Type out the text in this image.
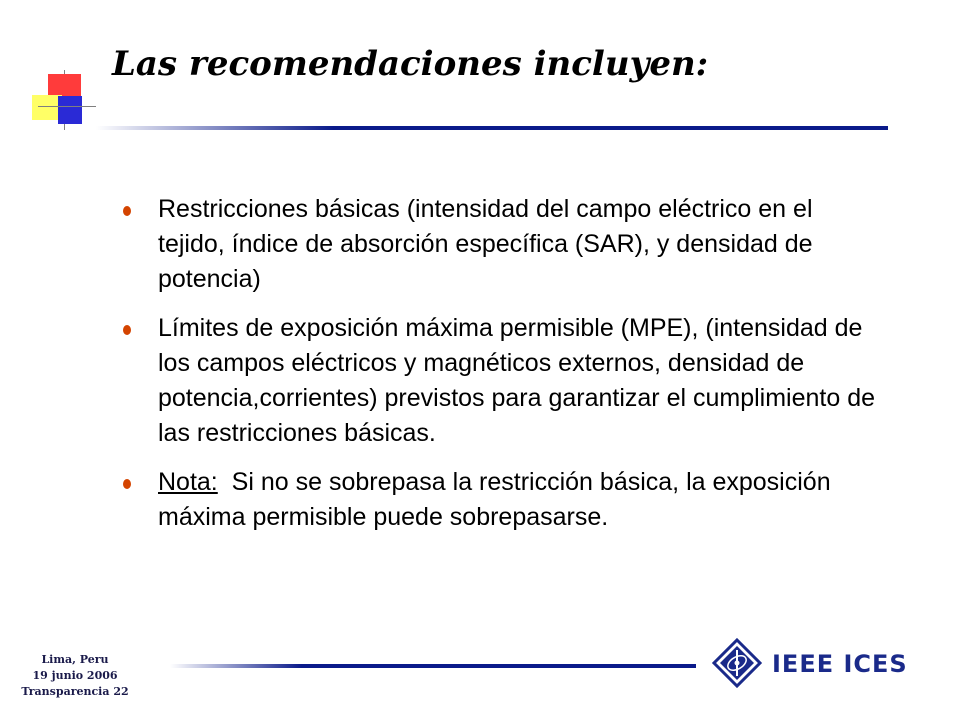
Las recomendaciones incluyen:
Restricciones básicas (intensidad del campo eléctrico en el tejido, índice de absorción específica (SAR), y densidad de potencia)
Límites de exposición máxima permisible (MPE), (intensidad de los campos eléctricos y magnéticos externos, densidad de potencia,corrientes) previstos para garantizar el cumplimiento de las restricciones básicas.
Nota: Si no se sobrepasa la restricción básica, la exposición máxima permisible puede sobrepasarse.
Lima, Peru
19 junio 2006
Transparencia 22
IEEE ICES
